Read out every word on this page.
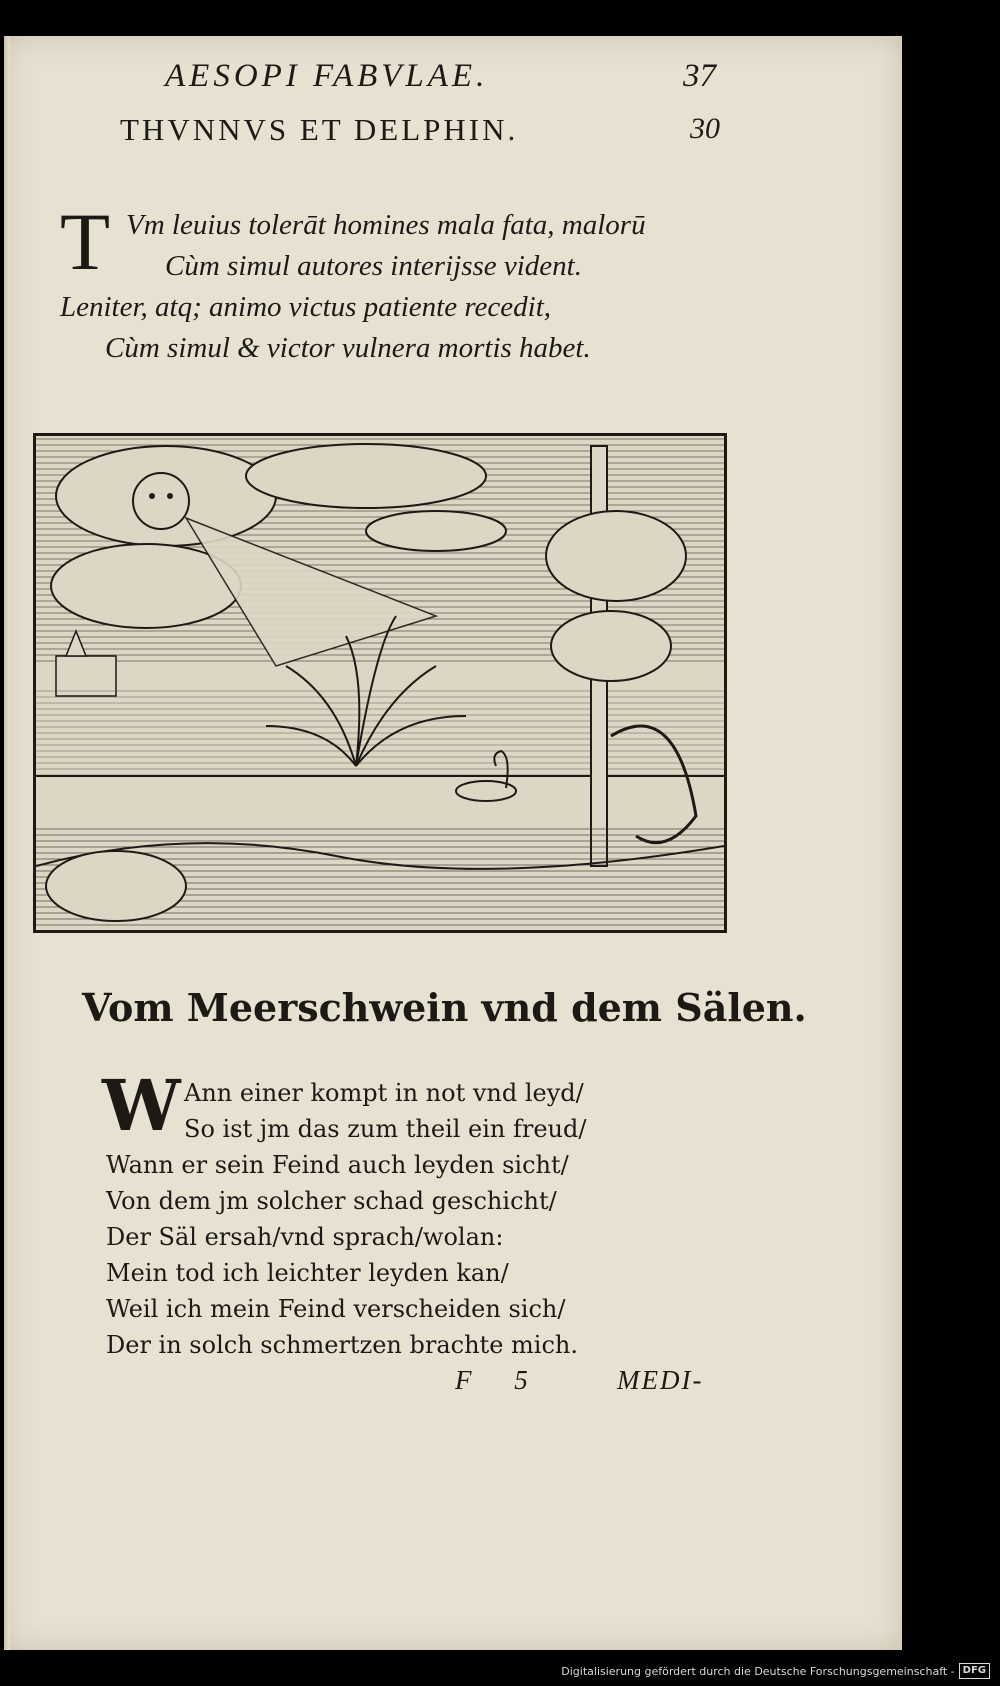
AESOPI FABVLAE.	37
THVNNVS ET DELPHIN.	30
T Vm leuius tolerāt homines mala fata, malorū
Cùm simul autores interijsse vident.
Leniter, atq; animo victus patiente recedit,
Cùm simul & victor vulnera mortis habet.
Vom Meerschwein vnd dem Sälen.
W Ann einer kompt in not vnd leyd/
So ist jm das zum theil ein freud/
Wann er sein Feind auch leyden sicht/
Von dem jm solcher schad geschicht/
Der Säl ersah/vnd sprach/wolan:
Mein tod ich leichter leyden kan/
Weil ich mein Feind verscheiden sich/
Der in solch schmertzen brachte mich.
F 5	MEDI-
Digitalisierung gefördert durch die Deutsche Forschungsgemeinschaft - DFG
